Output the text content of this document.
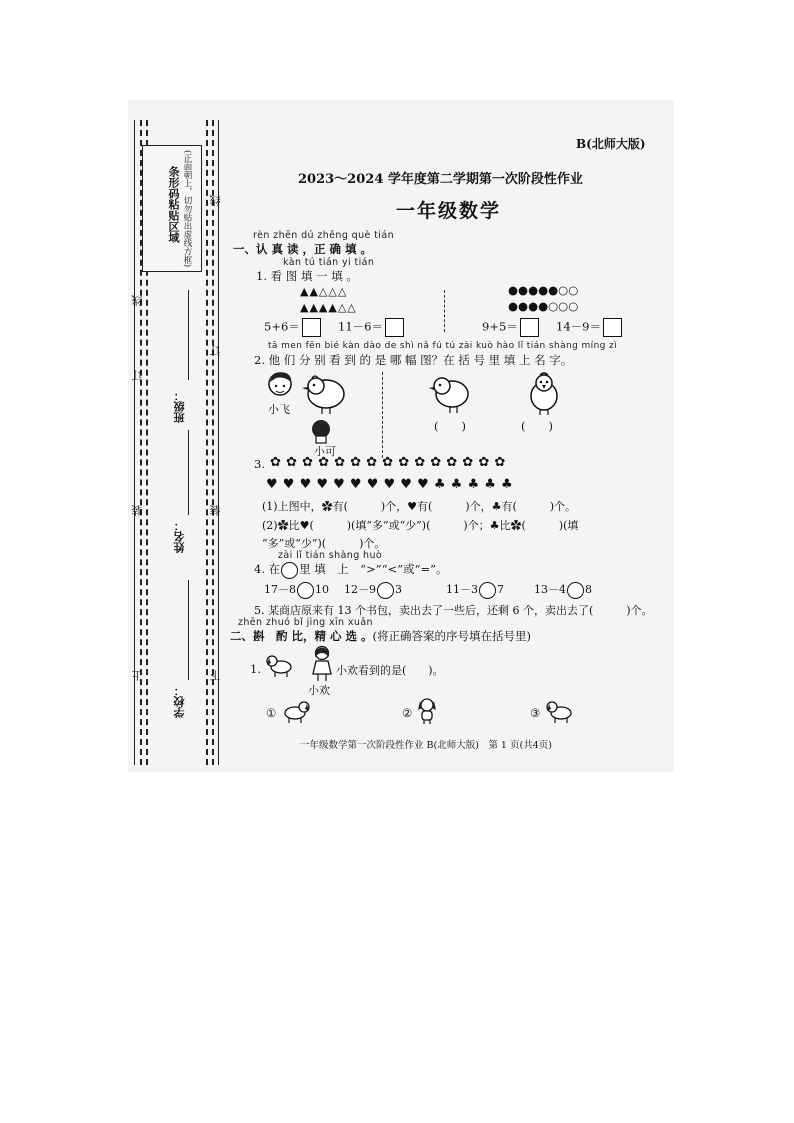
条形码粘贴区域 (正面朝上，切勿贴出虚线方框)
线
订
装
上
线
订
装
下
班级：
姓名：
学校：
B(北师大版)
2023～2024 学年度第二学期第一次阶段性作业
一年级数学
rèn zhēn dú zhěng què tián
一、认 真 读 ，正 确 填 。
kàn tú tián yi tián
1. 看 图 填 一 填 。
▲▲△△△
▲▲▲▲△△
●●●●●○○
●●●●○○○
5+6＝	11－6＝	9+5＝	14－9＝
tā men fēn bié kàn dào de shì nǎ fú tú zài kuò hào lǐ tián shàng míng zì
2. 他 们 分 别 看 到 的 是 哪 幅 图？在 括 号 里 填 上 名 字。
小飞
小可
(　　)	(　　)
3. ✿ ✿ ✿ ✿ ✿ ✿ ✿ ✿ ✿ ✿ ✿ ✿ ✿ ✿ ✿
♥ ♥ ♥ ♥ ♥ ♥ ♥ ♥ ♥ ♥ ♣ ♣ ♣ ♣ ♣
(1)上图中，✿有(　　　)个，♥有(　　　)个，♣有(　　　)个。
(2)✿比♥(　　　)(填“多”或“少”)(　　　)个；♣比✿(　　　)(填
“多”或“少”)(　　　)个。
zài lǐ tián shàng huò
4. 在 里 填　上　“>”“<”或“=”。
17－8 10 12－9 3	11－3 7	13－4 8
5. 某商店原来有 13 个书包，卖出去了一些后，还剩 6 个，卖出去了(　　　)个。
zhēn zhuó bǐ jìng xīn xuǎn
二、斟　酌 比，精 心 选 。(将正确答案的序号填在括号里)
1.
小欢
小欢看到的是(　　)。
①	②	③
一年级数学第一次阶段性作业 B(北师大版)　第 1 页(共4页)
